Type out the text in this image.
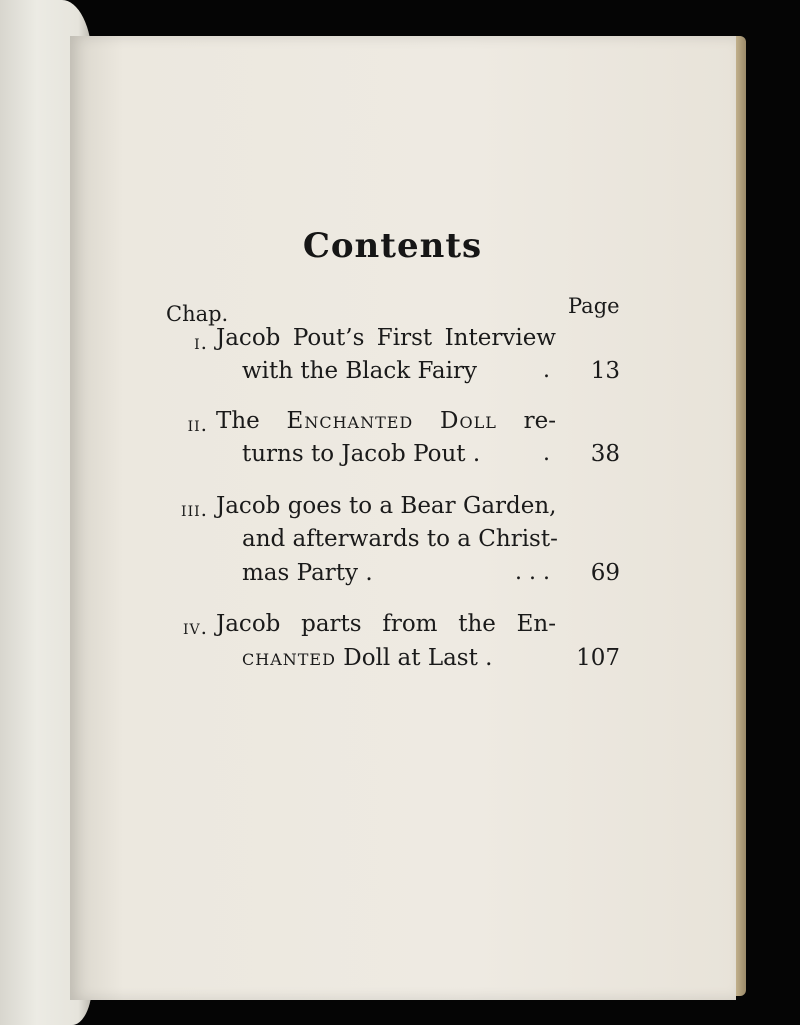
Contents
Chap.	Page
i. Jacob Pout’s First Interview
with the Black Fairy	. 13
ii. The Enchanted Doll re-
turns to Jacob Pout .	. 38
iii. Jacob goes to a Bear Garden,
and afterwards to a Christ-
mas Party .	. . . 69
iv. Jacob parts from the En-
chanted Doll at Last .	107
